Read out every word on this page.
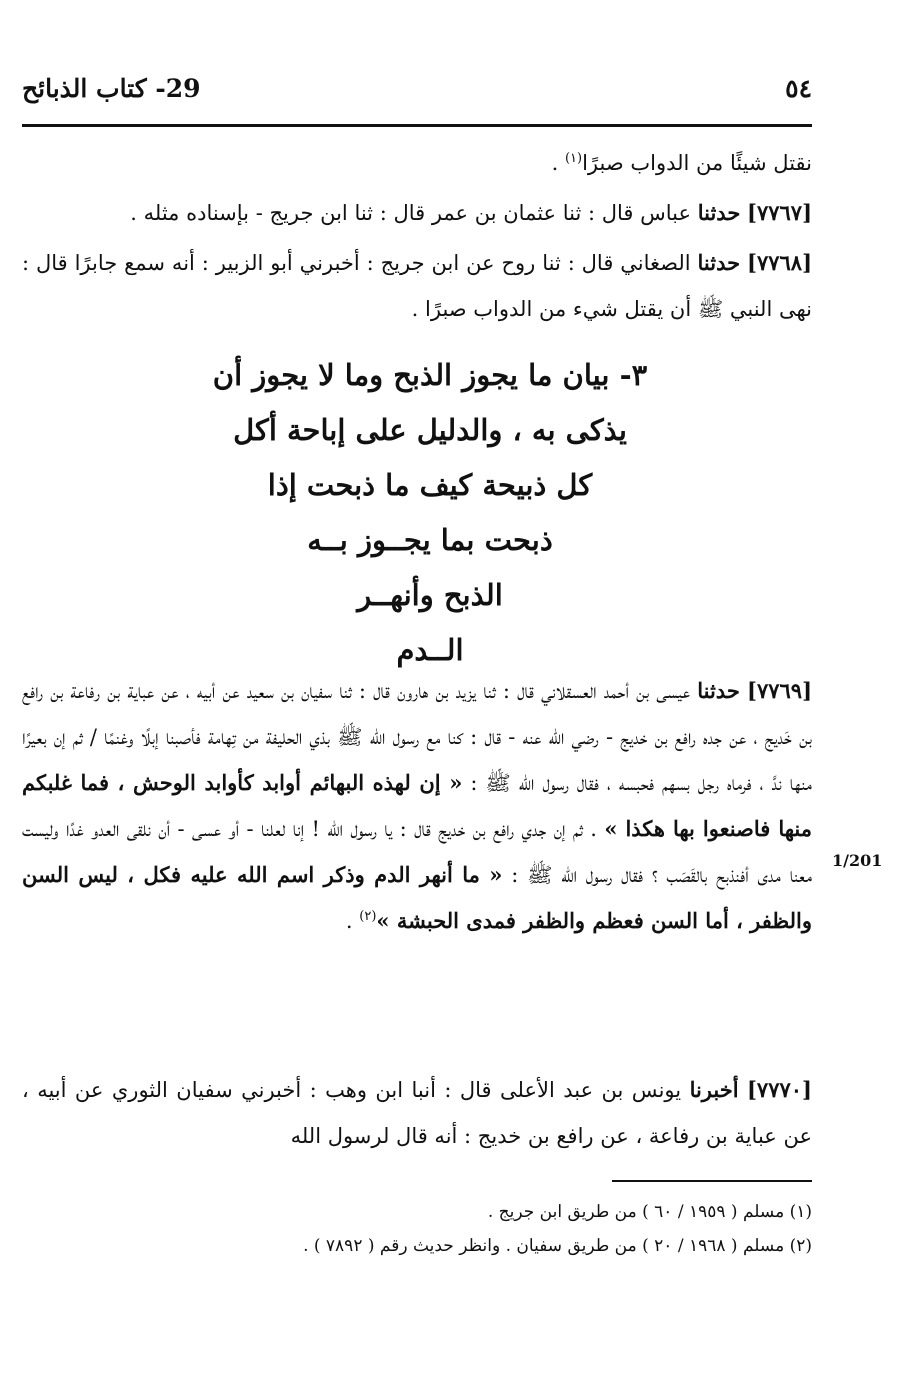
29- كتاب الذبائح	٥٤

نقتل شيئًا من الدواب صبرًا$^{(١)}$ .

[٧٧٦٧] حدثنا عباس قال : ثنا عثمان بن عمر قال : ثنا ابن جريج - بإسناده مثله .

[٧٧٦٨] حدثنا الصغاني قال : ثنا روح عن ابن جريج : أخبرني أبو الزبير : أنه سمع جابرًا قال : نهى النبي ﷺ أن يقتل شيء من الدواب صبرًا .

٣- بيان ما يجوز الذبح وما لا يجوز أن
يذكى به ، والدليل على إباحة أكل
كل ذبيحة كيف ما ذبحت إذا
ذبحت بما يجــوز بــه
الذبح وأنهــر
الــدم

[٧٧٦٩] حدثنا عيسى بن أحمد العسقلاني قال : ثنا يزيد بن هارون قال : ثنا سفيان بن سعيد عن أبيه ، عن عباية بن رفاعة بن رافع بن خَديج ، عن جده رافع بن خديج - رضي الله عنه - قال : كنا مع رسول الله ﷺ بذي الحليفة من تِهامة فأصبنا إبلًا وغنمًا / ثم إن بعيرًا منها ندَّ ، فرماه رجل بسهم فحبسه ، فقال رسول الله ﷺ : « إن لهذه البهائم أوابد كأوابد الوحش ، فما غلبكم منها فاصنعوا بها هكذا » . ثم إن جدي رافع بن خديج قال : يا رسول الله ! إنا لعلنا - أو عسى - أن نلقى العدو غدًا وليست معنا مدى أفنذبح بالقَصَب ؟ فقال رسول الله ﷺ : « ما أنهر الدم وذكر اسم الله عليه فكل ، ليس السن والظفر ، أما السن فعظم والظفر فمدى الحبشة »$^{(٢)}$ .

1/201

[٧٧٧٠] أخبرنا يونس بن عبد الأعلى قال : أنبا ابن وهب : أخبرني سفيان الثوري عن أبيه ، عن عباية بن رفاعة ، عن رافع بن خديج : أنه قال لرسول الله

(١) مسلم ( ١٩٥٩ / ٦٠ ) من طريق ابن جريج .

(٢) مسلم ( ١٩٦٨ / ٢٠ ) من طريق سفيان . وانظر حديث رقم ( ٧٨٩٢ ) .
